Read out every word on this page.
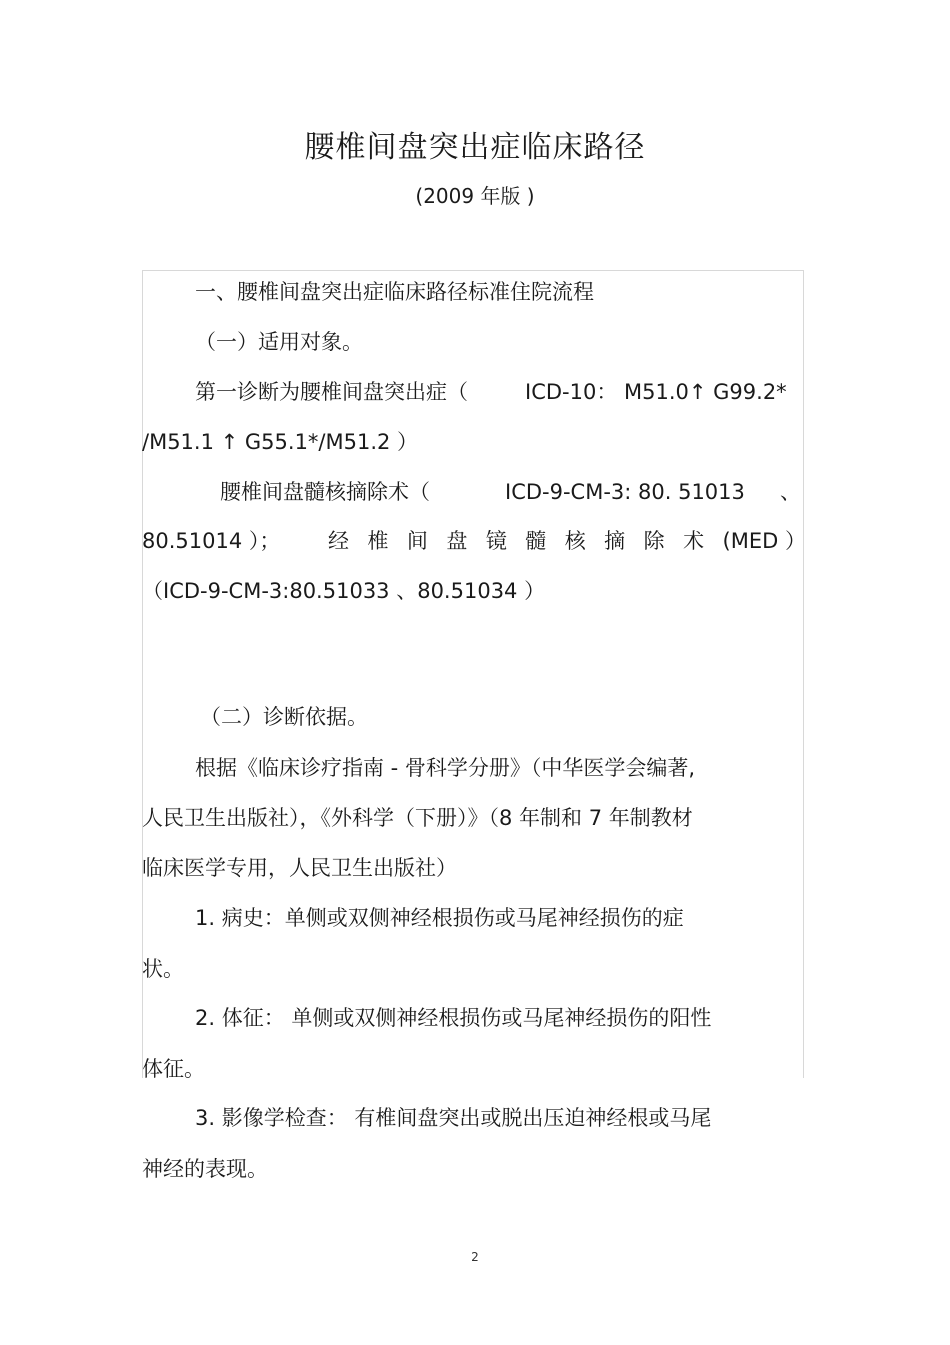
腰椎间盘突出症临床路径
(2009 年版 )
一、腰椎间盘突出症临床路径标准住院流程
（一）适用对象。
第一诊断为腰椎间盘突出症（	ICD-10： M51.0↑ G99.2*
/M51.1 ↑ G55.1*/M51.2 ）
腰椎间盘髓核摘除术（	ICD-9-CM-3: 80. 51013 、
80.51014 ）； 经 椎 间 盘 镜 髓 核 摘 除 术 (MED ）
（ICD-9-CM-3:80.51033 、80.51034 ）
（二）诊断依据。
根据《临床诊疗指南 - 骨科学分册》（中华医学会编著,
人民卫生出版社），《外科学（下册）》（8 年制和 7 年制教材
临床医学专用，人民卫生出版社）
1. 病史：单侧或双侧神经根损伤或马尾神经损伤的症
状。
2. 体征： 单侧或双侧神经根损伤或马尾神经损伤的阳性
体征。
3. 影像学检查： 有椎间盘突出或脱出压迫神经根或马尾
神经的表现。
2
